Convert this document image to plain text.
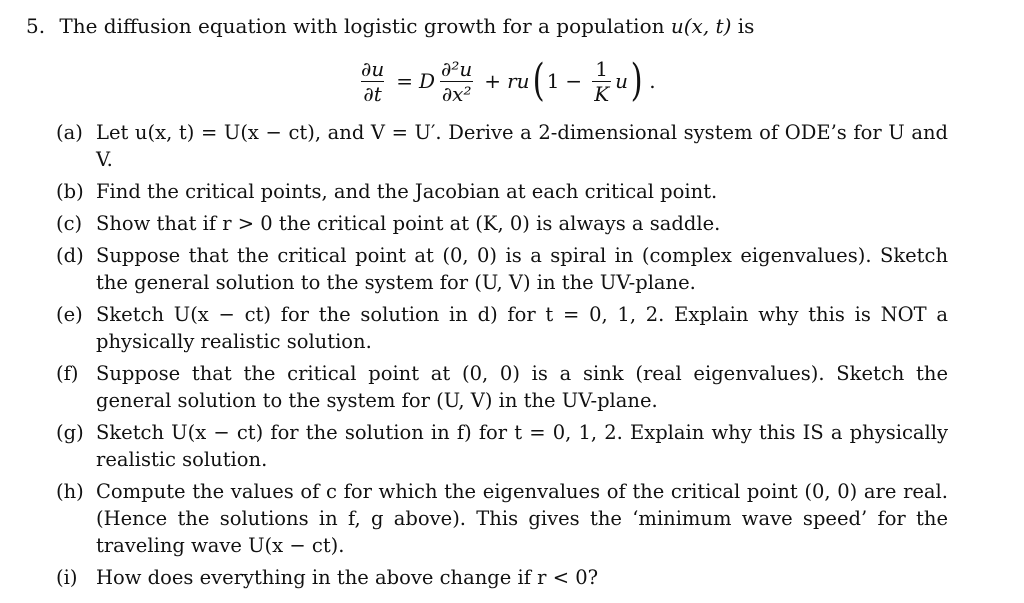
5. The diffusion equation with logistic growth for a population u(x, t) is
$\frac{\partial u}{\partial t} = D \frac{\text{∂²u}}{\text{∂x²}}$ + ru ( $1 - \frac{1}{K}$ u ) .
(a) Let u(x, t) = U(x − ct), and V = U′. Derive a 2-dimensional system of ODE’s for U and V.
(b) Find the critical points, and the Jacobian at each critical point.
(c) Show that if r > 0 the critical point at (K, 0) is always a saddle.
(d) Suppose that the critical point at (0, 0) is a spiral in (complex eigenvalues). Sketch the general solution to the system for (U, V) in the UV-plane.
(e) Sketch U(x − ct) for the solution in d) for t = 0, 1, 2. Explain why this is NOT a physically realistic solution.
(f) Suppose that the critical point at (0, 0) is a sink (real eigenvalues). Sketch the general solution to the system for (U, V) in the UV-plane.
(g) Sketch U(x − ct) for the solution in f) for t = 0, 1, 2. Explain why this IS a physically realistic solution.
(h) Compute the values of c for which the eigenvalues of the critical point (0, 0) are real. (Hence the solutions in f, g above). This gives the ‘minimum wave speed’ for the traveling wave U(x − ct).
(i) How does everything in the above change if r < 0?
